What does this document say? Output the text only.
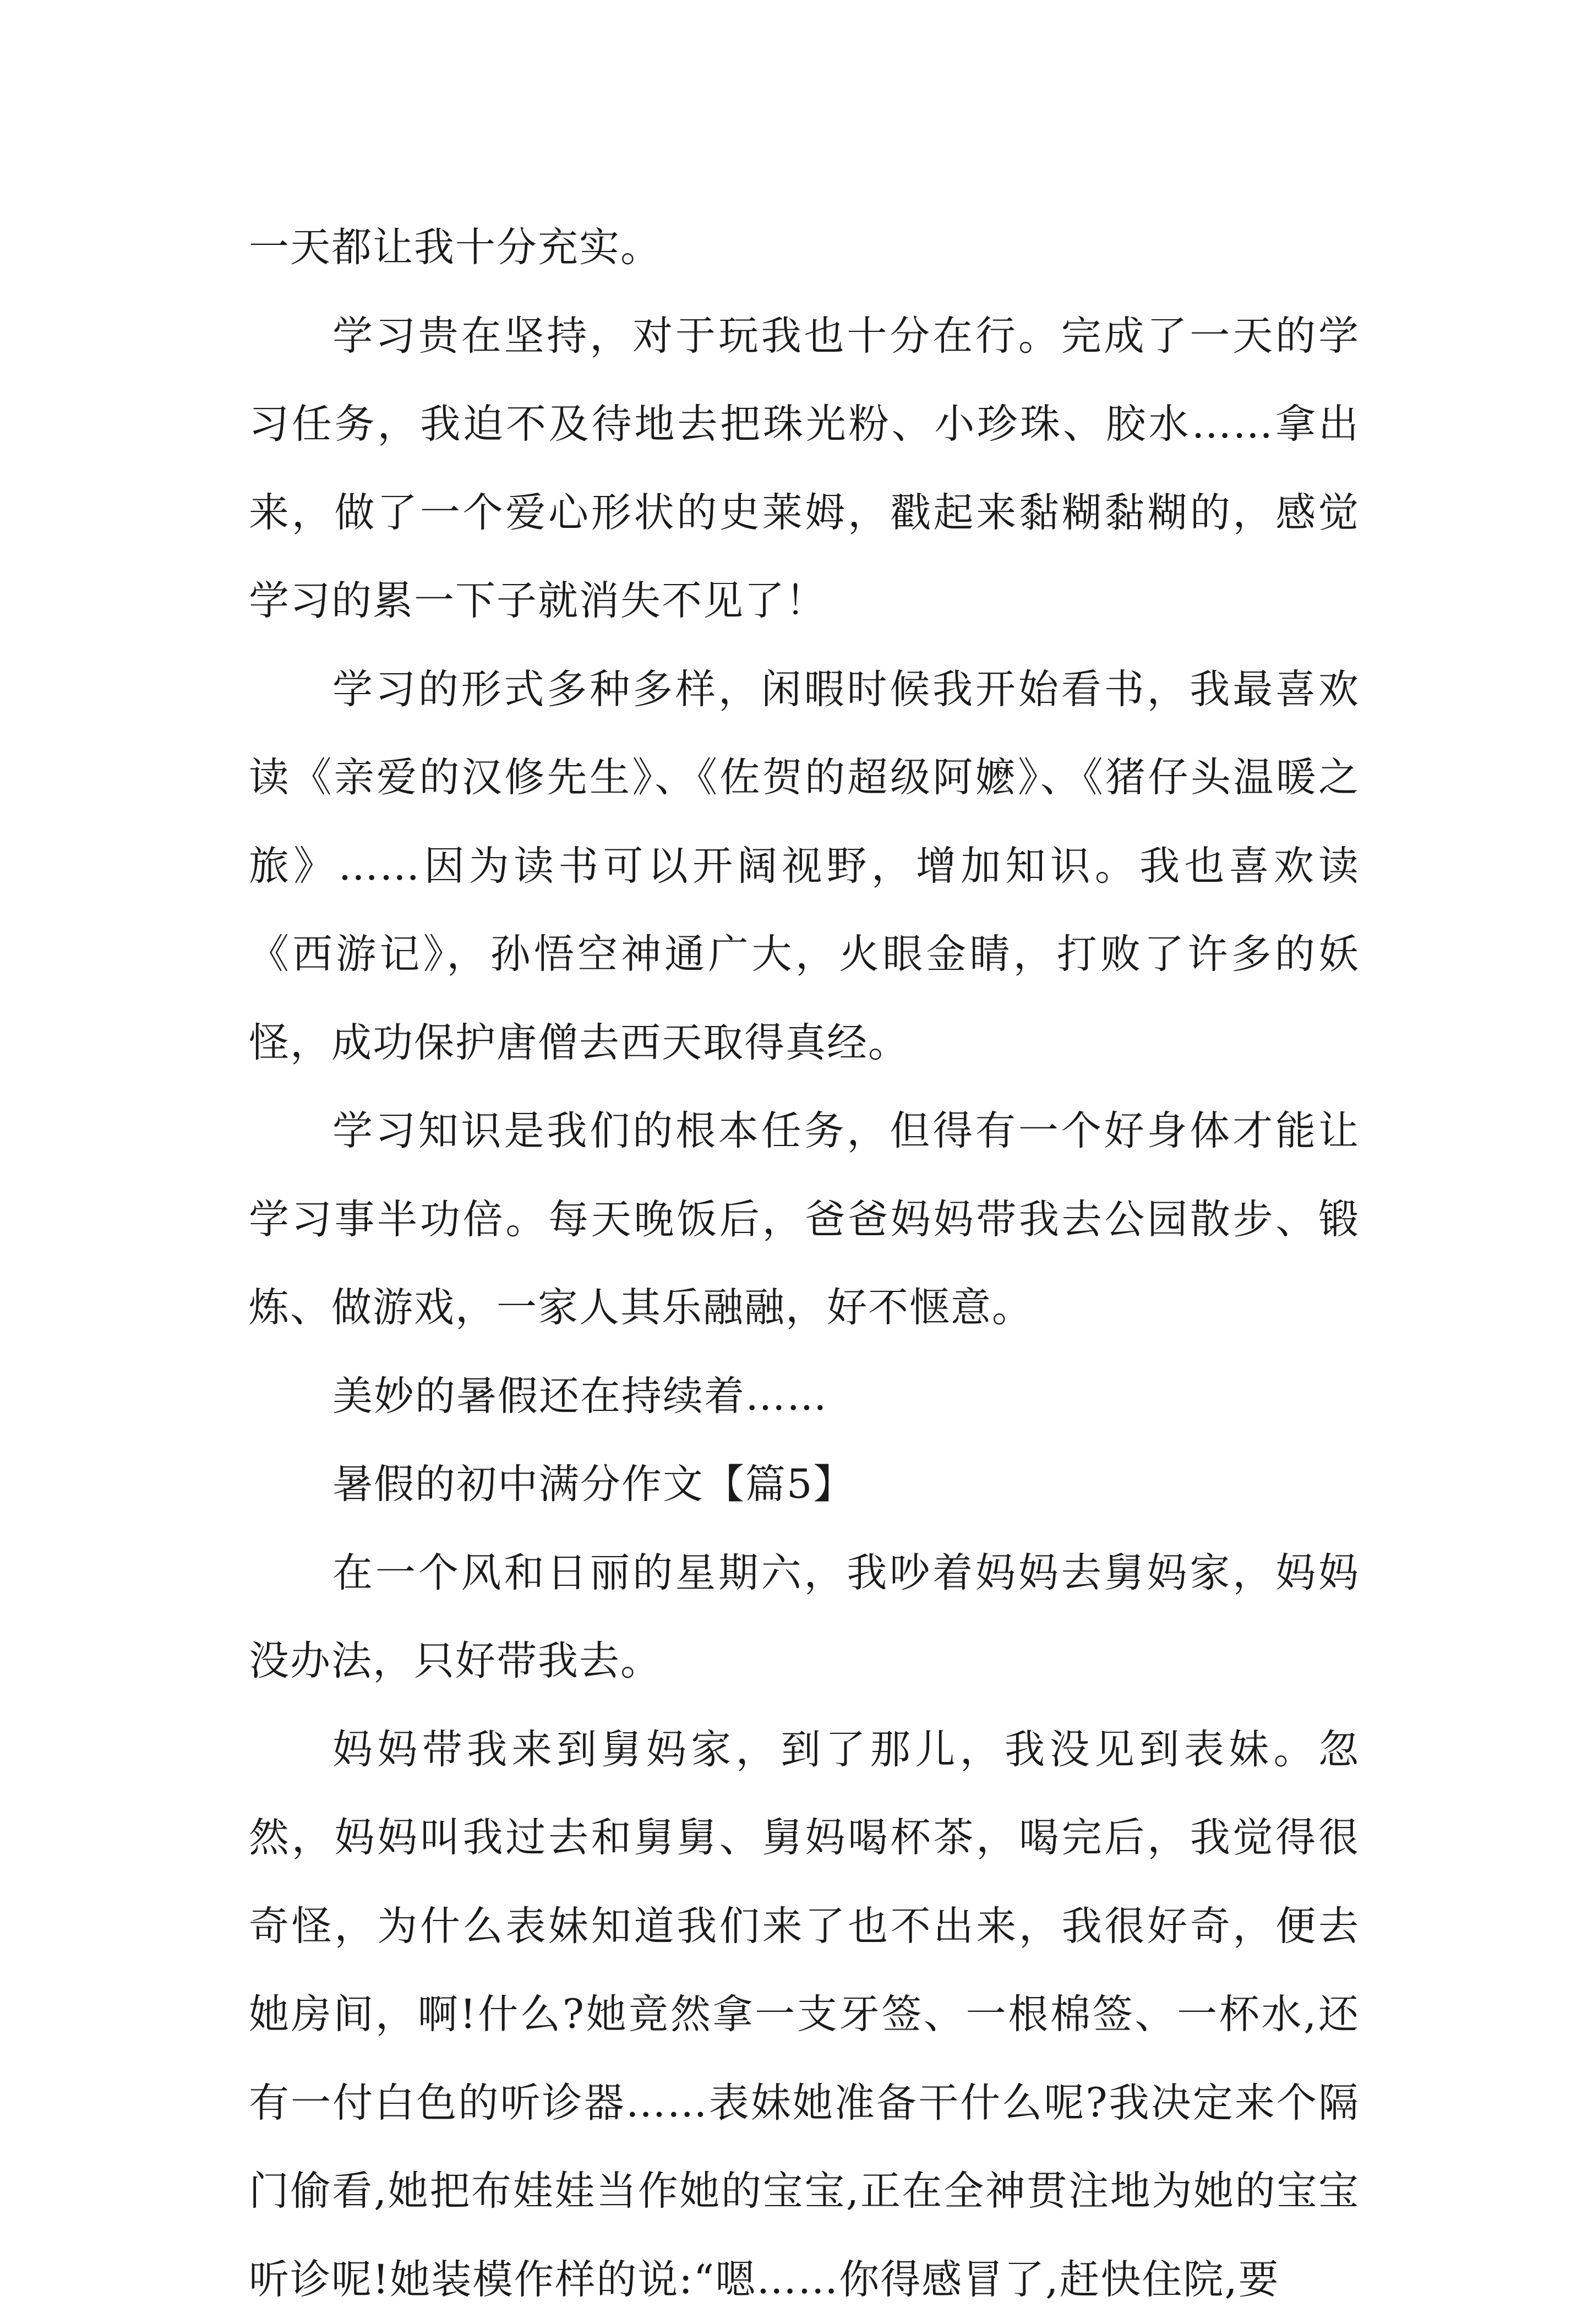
一天都让我十分充实。

学习贵在坚持，对于玩我也十分在行。完成了一天的学习任务，我迫不及待地去把珠光粉、小珍珠、胶水……拿出来，做了一个爱心形状的史莱姆，戳起来黏糊黏糊的，感觉学习的累一下子就消失不见了！

学习的形式多种多样，闲暇时候我开始看书，我最喜欢读《亲爱的汉修先生》、《佐贺的超级阿嬷》、《猪仔头温暖之旅》……因为读书可以开阔视野，增加知识。我也喜欢读《西游记》，孙悟空神通广大，火眼金睛，打败了许多的妖怪，成功保护唐僧去西天取得真经。

学习知识是我们的根本任务，但得有一个好身体才能让学习事半功倍。每天晚饭后，爸爸妈妈带我去公园散步、锻炼、做游戏，一家人其乐融融，好不惬意。

美妙的暑假还在持续着……

暑假的初中满分作文【篇5】

在一个风和日丽的星期六，我吵着妈妈去舅妈家，妈妈没办法，只好带我去。

妈妈带我来到舅妈家，到了那儿，我没见到表妹。忽然，妈妈叫我过去和舅舅、舅妈喝杯茶，喝完后，我觉得很奇怪，为什么表妹知道我们来了也不出来，我很好奇，便去她房间，啊!什么?她竟然拿一支牙签、一根棉签、一杯水,还有一付白色的听诊器……表妹她准备干什么呢?我决定来个隔门偷看,她把布娃娃当作她的宝宝,正在全神贯注地为她的宝宝听诊呢!她装模作样的说:“嗯……你得感冒了,赶快住院,要
